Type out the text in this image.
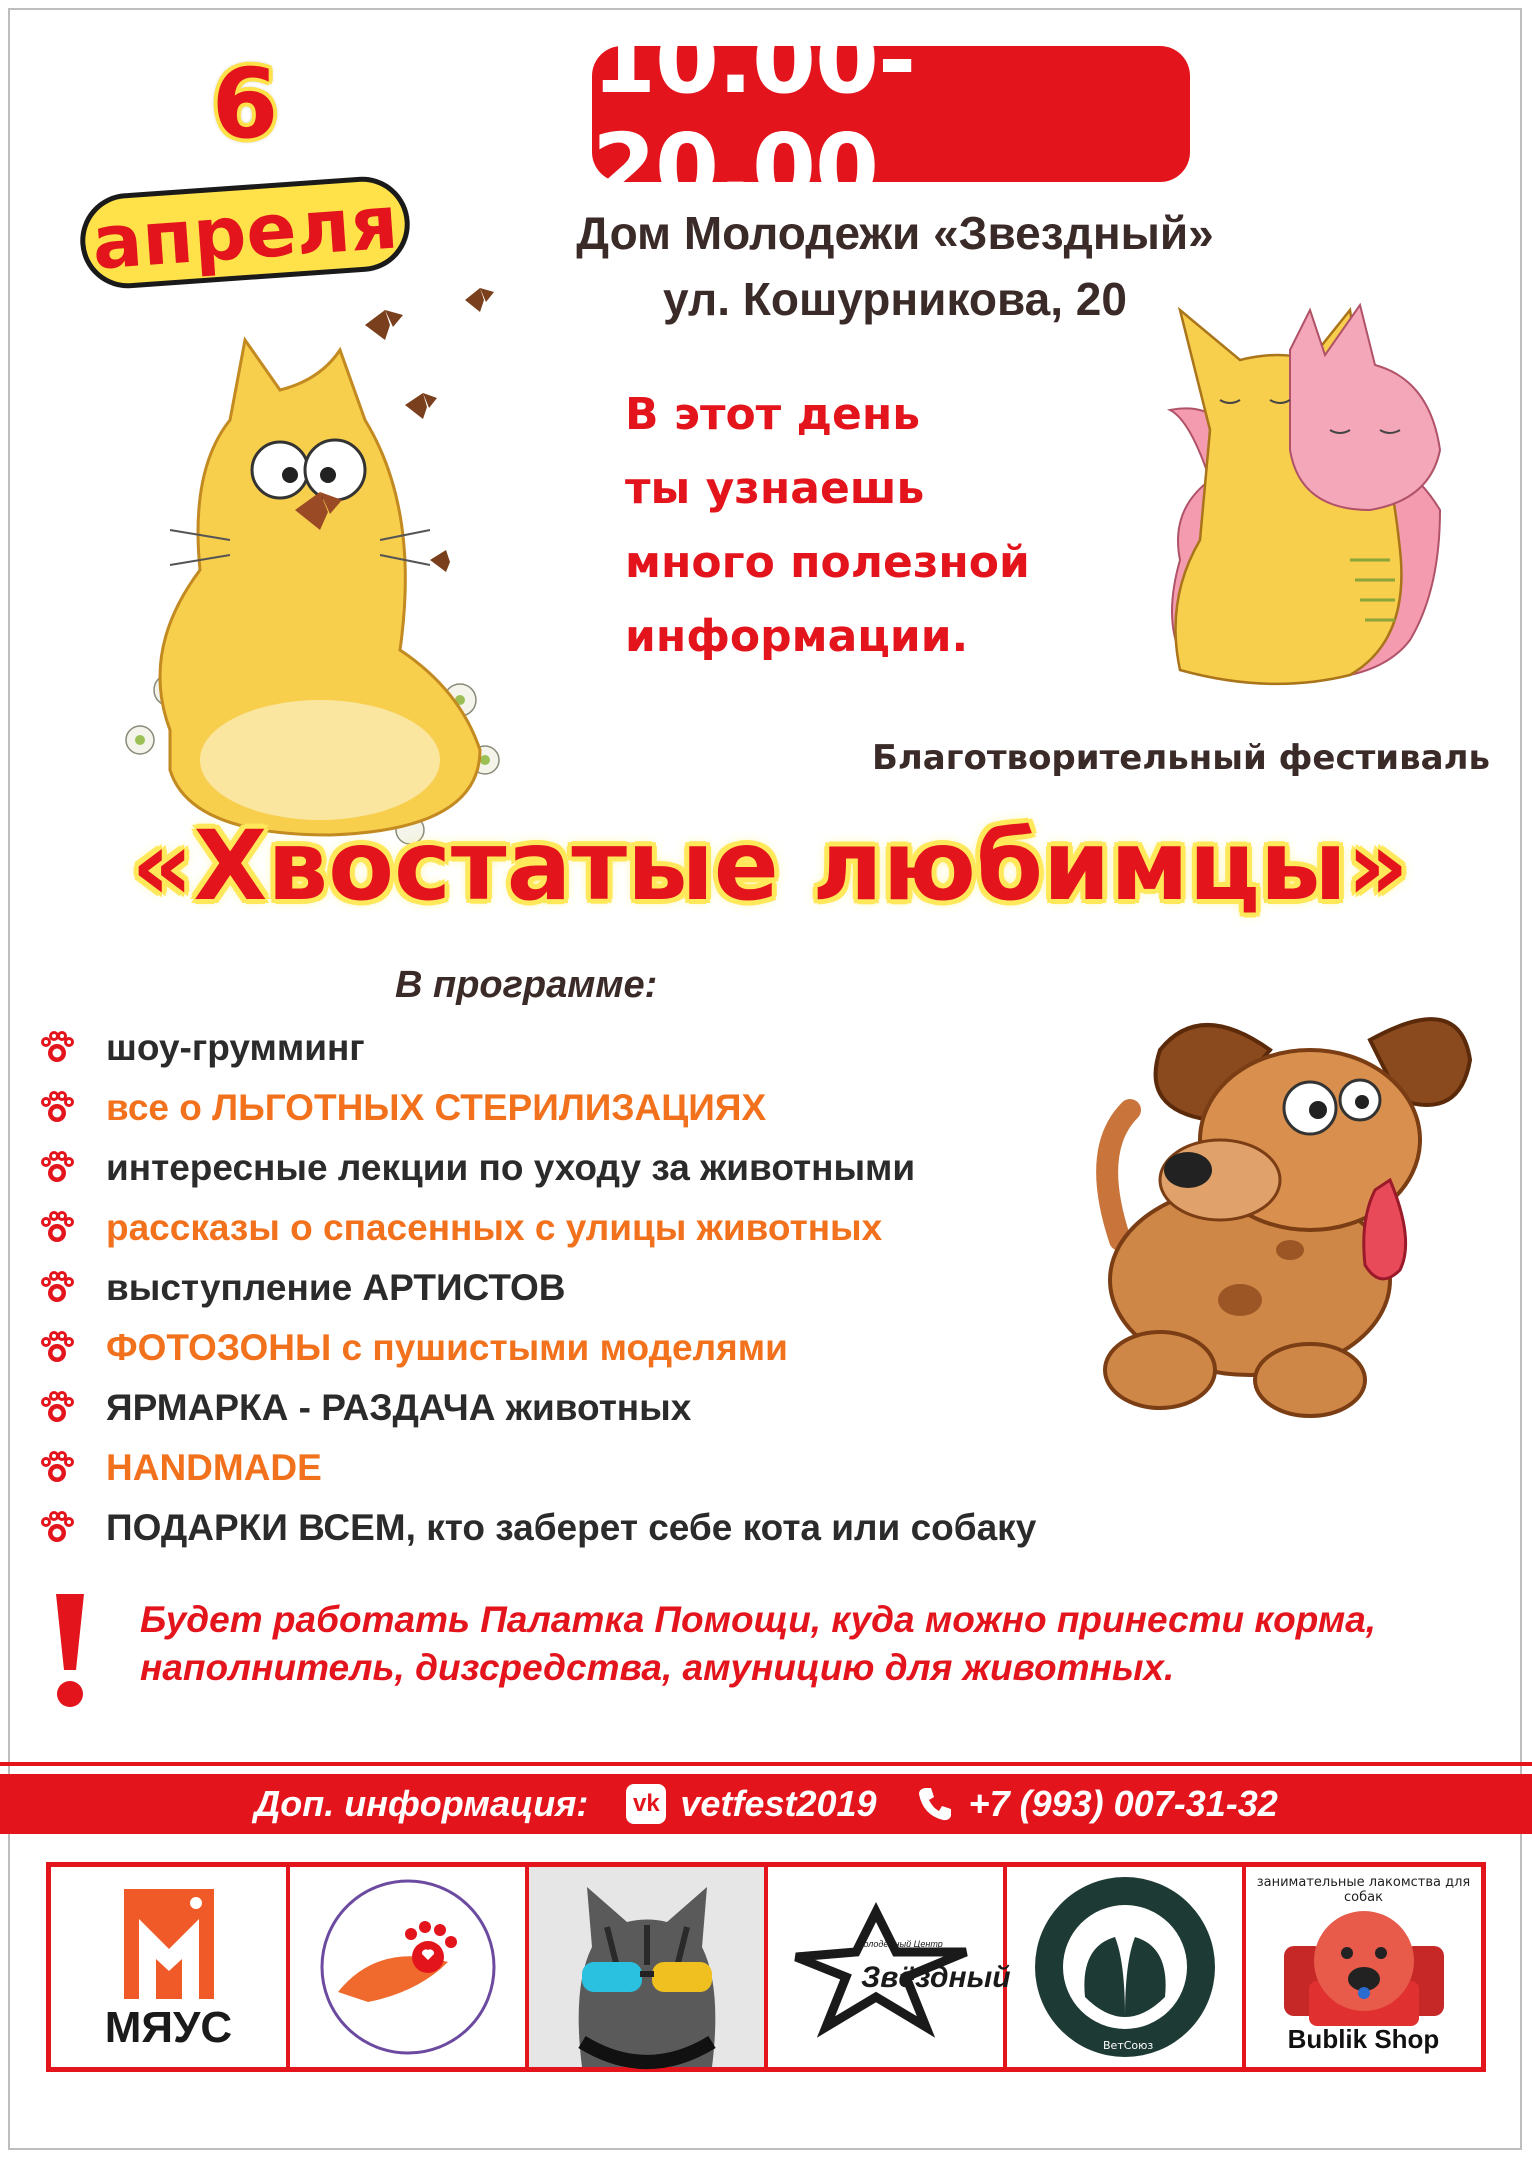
6
апреля
10.00-20.00
Дом Молодежи «Звездный»
ул. Кошурникова, 20
В этот день
ты узнаешь
много полезной
информации.
Благотворительный фестиваль
«Хвостатые любимцы»
В программе:
шоу-грумминг
все о ЛЬГОТНЫХ СТЕРИЛИЗАЦИЯХ
интересные лекции по уходу за животными
рассказы о спасенных с улицы животных
выступление АРТИСТОВ
ФОТОЗОНЫ с пушистыми моделями
ЯРМАРКА - РАЗДАЧА животных
HANDMADE
ПОДАРКИ ВСЕМ, кто заберет себе кота или собаку
Будет работать Палатка Помощи, куда можно принести корма, наполнитель, дизсредства, амуницию для животных.
Доп. информация: vk vetfest2019	+7 (993) 007-31-32
МЯУС
Звёздный
Молодёжный Центр
ВетСоюз
занимательные лакомства для собак
Bublik Shop
